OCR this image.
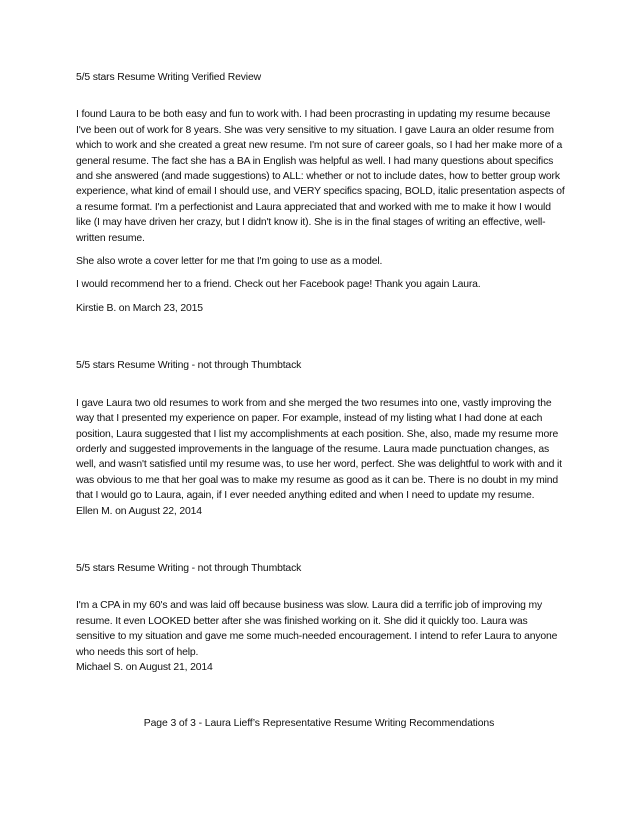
5/5 stars Resume Writing Verified Review

I found Laura to be both easy and fun to work with. I had been procrasting in updating my resume because I've been out of work for 8 years. She was very sensitive to my situation. I gave Laura an older resume from which to work and she created a great new resume. I'm not sure of career goals, so I had her make more of a general resume. The fact she has a BA in English was helpful as well. I had many questions about specifics and she answered (and made suggestions) to ALL: whether or not to include dates, how to better group work experience, what kind of email I should use, and VERY specifics spacing, BOLD, italic presentation aspects of a resume format. I'm a perfectionist and Laura appreciated that and worked with me to make it how I would like (I may have driven her crazy, but I didn't know it). She is in the final stages of writing an effective, well-written resume.

She also wrote a cover letter for me that I'm going to use as a model.

I would recommend her to a friend. Check out her Facebook page! Thank you again Laura.

Kirstie B. on March 23, 2015

5/5 stars Resume Writing - not through Thumbtack

I gave Laura two old resumes to work from and she merged the two resumes into one, vastly improving the way that I presented my experience on paper. For example, instead of my listing what I had done at each position, Laura suggested that I list my accomplishments at each position. She, also, made my resume more orderly and suggested improvements in the language of the resume. Laura made punctuation changes, as well, and wasn't satisfied until my resume was, to use her word, perfect. She was delightful to work with and it was obvious to me that her goal was to make my resume as good as it can be. There is no doubt in my mind that I would go to Laura, again, if I ever needed anything edited and when I need to update my resume.

Ellen M. on August 22, 2014

5/5 stars Resume Writing - not through Thumbtack

I'm a CPA in my 60's and was laid off because business was slow. Laura did a terrific job of improving my resume. It even LOOKED better after she was finished working on it. She did it quickly too. Laura was sensitive to my situation and gave me some much-needed encouragement. I intend to refer Laura to anyone who needs this sort of help.

Michael S. on August 21, 2014

Page 3 of 3 - Laura Lieff’s Representative Resume Writing Recommendations
